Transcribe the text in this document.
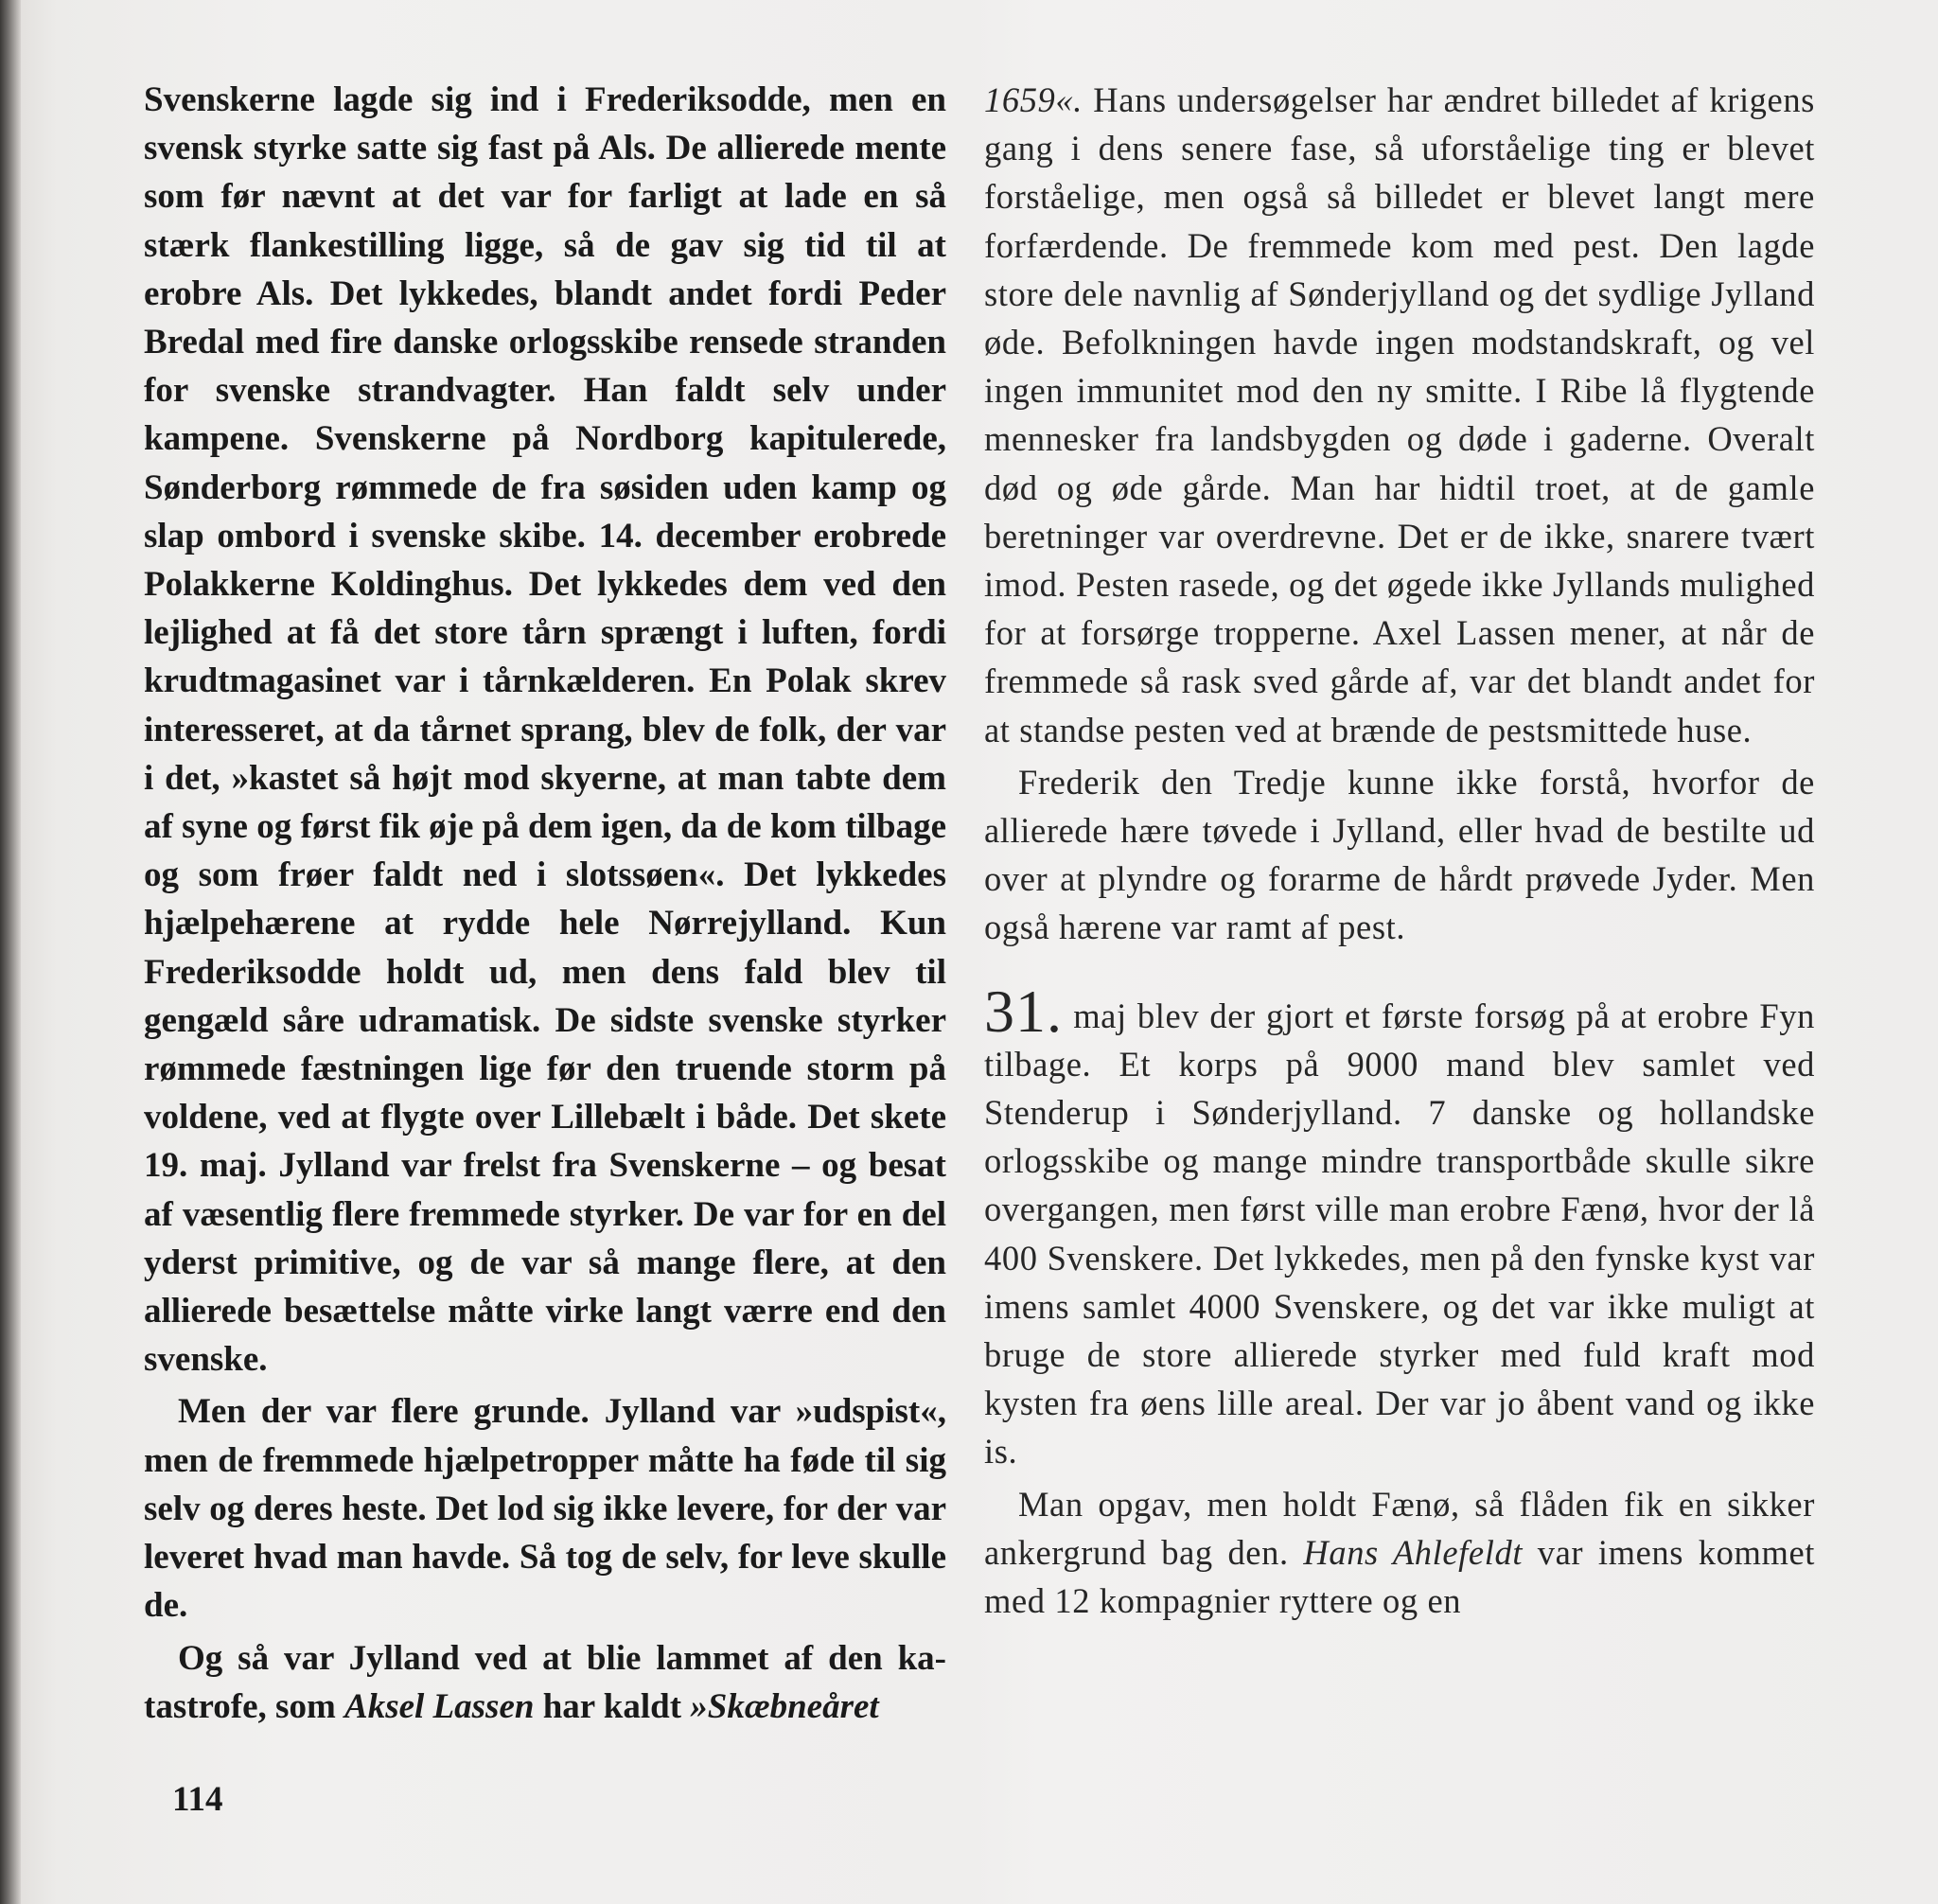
Svenskerne lagde sig ind i Frederiksodde, men en svensk styrke satte sig fast på Als. De allierede mente som før nævnt at det var for farligt at lade en så stærk flankestilling ligge, så de gav sig tid til at erobre Als. Det lykkedes, blandt andet fordi Peder Bredal med fire danske orlogsskibe rensede stranden for svenske strandvagter. Han faldt selv under kampene. Svenskerne på Nordborg kapitulerede, Sønderborg rømmede de fra søsiden uden kamp og slap ombord i svenske skibe. 14. december erobrede Polakkerne Koldinghus. Det lykkedes dem ved den lejlighed at få det store tårn sprængt i luften, fordi krudtmagasinet var i tårnkælderen. En Polak skrev interesseret, at da tårnet sprang, blev de folk, der var i det, »kastet så højt mod skyerne, at man tabte dem af syne og først fik øje på dem igen, da de kom tilbage og som frøer faldt ned i slotssøen«. Det lykkedes hjælpehærene at rydde hele Nørrejylland. Kun Frederiksodde holdt ud, men dens fald blev til gengæld såre udramatisk. De sidste svenske styrker rømmede fæstningen lige før den truende storm på voldene, ved at flygte over Lillebælt i både. Det skete 19. maj. Jylland var frelst fra Svenskerne – og besat af væsentlig flere fremmede styrker. De var for en del yderst primitive, og de var så mange flere, at den allierede besættelse måtte virke langt værre end den svenske.

Men der var flere grunde. Jylland var »udspist«, men de fremmede hjælpetropper måtte ha føde til sig selv og deres heste. Det lod sig ikke levere, for der var leveret hvad man havde. Så tog de selv, for leve skulle de.

Og så var Jylland ved at blie lammet af den katastrofe, som Aksel Lassen har kaldt »Skæbneåret

1659«. Hans undersøgelser har ændret billedet af krigens gang i dens senere fase, så uforståelige ting er blevet forståelige, men også så billedet er blevet langt mere forfærdende. De fremmede kom med pest. Den lagde store dele navnlig af Sønderjylland og det sydlige Jylland øde. Befolkningen havde ingen modstandskraft, og vel ingen immunitet mod den ny smitte. I Ribe lå flygtende mennesker fra landsbygden og døde i gaderne. Overalt død og øde gårde. Man har hidtil troet, at de gamle beretninger var overdrevne. Det er de ikke, snarere tvært imod. Pesten rasede, og det øgede ikke Jyllands mulighed for at forsørge tropperne. Axel Lassen mener, at når de fremmede så rask sved gårde af, var det blandt andet for at standse pesten ved at brænde de pestsmittede huse.

Frederik den Tredje kunne ikke forstå, hvorfor de allierede hære tøvede i Jylland, eller hvad de bestilte ud over at plyndre og forarme de hårdt prøvede Jyder. Men også hærene var ramt af pest.

31. maj blev der gjort et første forsøg på at erobre Fyn tilbage. Et korps på 9000 mand blev samlet ved Stenderup i Sønderjylland. 7 danske og hollandske orlogsskibe og mange mindre transportbåde skulle sikre overgangen, men først ville man erobre Fænø, hvor der lå 400 Svenskere. Det lykkedes, men på den fynske kyst var imens samlet 4000 Svenskere, og det var ikke muligt at bruge de store allierede styrker med fuld kraft mod kysten fra øens lille areal. Der var jo åbent vand og ikke is.

Man opgav, men holdt Fænø, så flåden fik en sikker ankergrund bag den. Hans Ahlefeldt var imens kommet med 12 kompagnier ryttere og en

114
